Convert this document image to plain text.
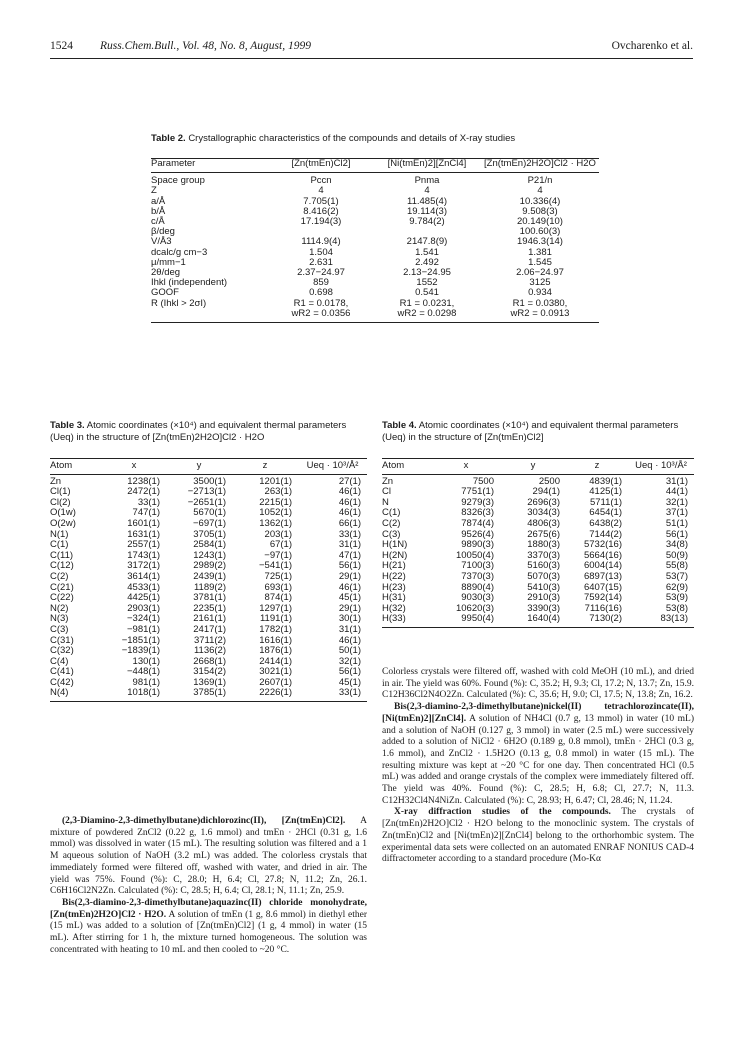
1524 Russ.Chem.Bull., Vol. 48, No. 8, August, 1999	Ovcharenko et al.
Table 2. Crystallographic characteristics of the compounds and details of X-ray studies
Parameter	[Zn(tmEn)Cl2]	[Ni(tmEn)2][ZnCl4]	[Zn(tmEn)2H2O]Cl2 · H2O
Space group	Pccn	Pnma	P21/n
Z	4	4	4
a/Å	7.705(1)	11.485(4)	10.336(4)
b/Å	8.416(2)	19.114(3)	9.508(3)
c/Å	17.194(3)	9.784(2)	20.149(10)
β/deg			100.60(3)
V/Å3	1114.9(4)	2147.8(9)	1946.3(14)
dcalc/g cm−3	1.504	1.541	1.381
μ/mm−1	2.631	2.492	1.545
2θ/deg	2.37−24.97	2.13−24.95	2.06−24.97
Ihkl (independent)	859	1552	3125
GOOF	0.698	0.541	0.934
R (Ihkl > 2σI)	R1 = 0.0178,	R1 = 0.0231,	R1 = 0.0380,
	wR2 = 0.0356	wR2 = 0.0298	wR2 = 0.0913
Table 3. Atomic coordinates (×10⁴) and equivalent thermal parameters (Ueq) in the structure of [Zn(tmEn)2H2O]Cl2 · H2O
Atom	x	y	z	Ueq · 10³/Å²
Zn	1238(1)	3500(1)	1201(1)	27(1)
Cl(1)	2472(1)	−2713(1)	263(1)	46(1)
Cl(2)	33(1)	−2651(1)	2215(1)	46(1)
O(1w)	747(1)	5670(1)	1052(1)	46(1)
O(2w)	1601(1)	−697(1)	1362(1)	66(1)
N(1)	1631(1)	3705(1)	203(1)	33(1)
C(1)	2557(1)	2584(1)	67(1)	31(1)
C(11)	1743(1)	1243(1)	−97(1)	47(1)
C(12)	3172(1)	2989(2)	−541(1)	56(1)
C(2)	3614(1)	2439(1)	725(1)	29(1)
C(21)	4533(1)	1189(2)	693(1)	46(1)
C(22)	4425(1)	3781(1)	874(1)	45(1)
N(2)	2903(1)	2235(1)	1297(1)	29(1)
N(3)	−324(1)	2161(1)	1191(1)	30(1)
C(3)	−981(1)	2417(1)	1782(1)	31(1)
C(31)	−1851(1)	3711(2)	1616(1)	46(1)
C(32)	−1839(1)	1136(2)	1876(1)	50(1)
C(4)	130(1)	2668(1)	2414(1)	32(1)
C(41)	−448(1)	3154(2)	3021(1)	56(1)
C(42)	981(1)	1369(1)	2607(1)	45(1)
N(4)	1018(1)	3785(1)	2226(1)	33(1)
Table 4. Atomic coordinates (×10⁴) and equivalent thermal parameters (Ueq) in the structure of [Zn(tmEn)Cl2]
Atom	x	y	z	Ueq · 10³/Å²
Zn	7500	2500	4839(1)	31(1)
Cl	7751(1)	294(1)	4125(1)	44(1)
N	9279(3)	2696(3)	5711(1)	32(1)
C(1)	8326(3)	3034(3)	6454(1)	37(1)
C(2)	7874(4)	4806(3)	6438(2)	51(1)
C(3)	9526(4)	2675(6)	7144(2)	56(1)
H(1N)	9890(3)	1880(3)	5732(16)	34(8)
H(2N)	10050(4)	3370(3)	5664(16)	50(9)
H(21)	7100(3)	5160(3)	6004(14)	55(8)
H(22)	7370(3)	5070(3)	6897(13)	53(7)
H(23)	8890(4)	5410(3)	6407(15)	62(9)
H(31)	9030(3)	2910(3)	7592(14)	53(9)
H(32)	10620(3)	3390(3)	7116(16)	53(8)
H(33)	9950(4)	1640(4)	7130(2)	83(13)

(2,3-Diamino-2,3-dimethylbutane)dichlorozinc(II), [Zn(tmEn)Cl2]. A mixture of powdered ZnCl2 (0.22 g, 1.6 mmol) and tmEn · 2HCl (0.31 g, 1.6 mmol) was dissolved in water (15 mL). The resulting solution was filtered and a 1 M aqueous solution of NaOH (3.2 mL) was added. The colorless crystals that immediately formed were filtered off, washed with water, and dried in air. The yield was 75%. Found (%): C, 28.0; H, 6.4; Cl, 27.8; N, 11.2; Zn, 26.1. C6H16Cl2N2Zn. Calculated (%): C, 28.5; H, 6.4; Cl, 28.1; N, 11.1; Zn, 25.9.

Bis(2,3-diamino-2,3-dimethylbutane)aquazinc(II) chloride monohydrate, [Zn(tmEn)2H2O]Cl2 · H2O. A solution of tmEn (1 g, 8.6 mmol) in diethyl ether (15 mL) was added to a solution of [Zn(tmEn)Cl2] (1 g, 4 mmol) in water (15 mL). After stirring for 1 h, the mixture turned homogeneous. The solution was concentrated with heating to 10 mL and then cooled to ~20 °C.

Colorless crystals were filtered off, washed with cold MeOH (10 mL), and dried in air. The yield was 60%. Found (%): C, 35.2; H, 9.3; Cl, 17.2; N, 13.7; Zn, 15.9. C12H36Cl2N4O2Zn. Calculated (%): C, 35.6; H, 9.0; Cl, 17.5; N, 13.8; Zn, 16.2.

Bis(2,3-diamino-2,3-dimethylbutane)nickel(II) tetrachlorozincate(II), [Ni(tmEn)2][ZnCl4]. A solution of NH4Cl (0.7 g, 13 mmol) in water (10 mL) and a solution of NaOH (0.127 g, 3 mmol) in water (2.5 mL) were successively added to a solution of NiCl2 · 6H2O (0.189 g, 0.8 mmol), tmEn · 2HCl (0.3 g, 1.6 mmol), and ZnCl2 · 1.5H2O (0.13 g, 0.8 mmol) in water (15 mL). The resulting mixture was kept at ~20 °C for one day. Then concentrated HCl (0.5 mL) was added and orange crystals of the complex were immediately filtered off. The yield was 40%. Found (%): C, 28.5; H, 6.8; Cl, 27.7; N, 11.3. C12H32Cl4N4NiZn. Calculated (%): C, 28.93; H, 6.47; Cl, 28.46; N, 11.24.

X-ray diffraction studies of the compounds. The crystals of [Zn(tmEn)2H2O]Cl2 · H2O belong to the monoclinic system. The crystals of Zn(tmEn)Cl2 and [Ni(tmEn)2][ZnCl4] belong to the orthorhombic system. The experimental data sets were collected on an automated ENRAF NONIUS CAD-4 diffractometer according to a standard procedure (Mo-Kα
